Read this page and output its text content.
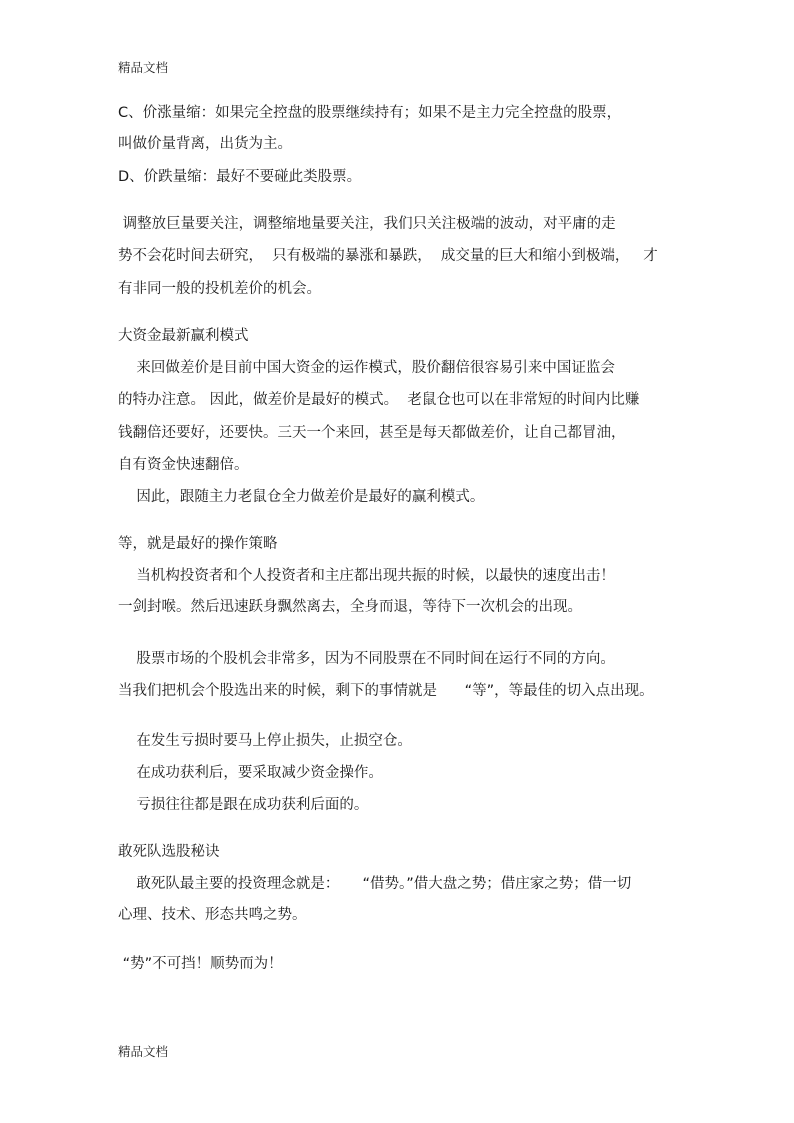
精品文档
C、价涨量缩：如果完全控盘的股票继续持有；如果不是主力完全控盘的股票，
叫做价量背离，出货为主。
D、价跌量缩：最好不要碰此类股票。
调整放巨量要关注，调整缩地量要关注，我们只关注极端的波动，对平庸的走
势不会花时间去研究，  只有极端的暴涨和暴跌，  成交量的巨大和缩小到极端，   才
有非同一般的投机差价的机会。
大资金最新赢利模式
来回做差价是目前中国大资金的运作模式，股价翻倍很容易引来中国证监会
的特办注意。 因此，做差价是最好的模式。  老鼠仓也可以在非常短的时间内比赚
钱翻倍还要好，还要快。三天一个来回，甚至是每天都做差价，让自己都冒油，
自有资金快速翻倍。
因此，跟随主力老鼠仓全力做差价是最好的赢利模式。
等，就是最好的操作策略
当机构投资者和个人投资者和主庄都出现共振的时候，以最快的速度出击！
一剑封喉。然后迅速跃身飘然离去，全身而退，等待下一次机会的出现。
股票市场的个股机会非常多，因为不同股票在不同时间在运行不同的方向。
当我们把机会个股选出来的时候，剩下的事情就是      “等”，等最佳的切入点出现。
在发生亏损时要马上停止损失，止损空仓。
在成功获利后，要采取减少资金操作。
亏损往往都是跟在成功获利后面的。
敢死队选股秘诀
敢死队最主要的投资理念就是：     “借势。”借大盘之势；借庄家之势；借一切
心理、技术、形态共鸣之势。
“势”不可挡！顺势而为！
精品文档
